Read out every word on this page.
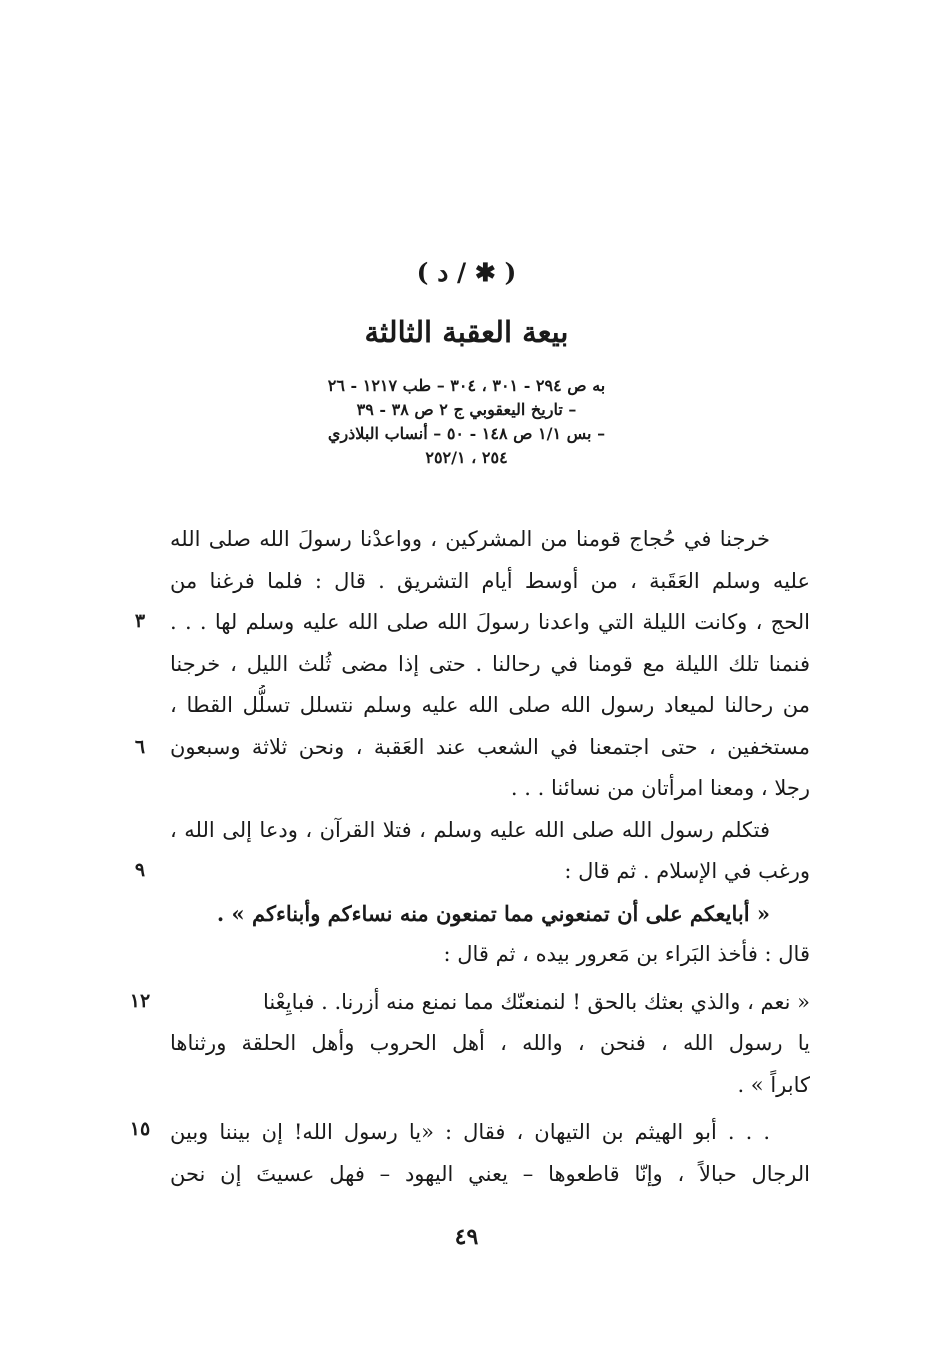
( ✱ / د )
بيعة العقبة الثالثة
به ص ٢٩٤ - ٣٠١ ، ٣٠٤ – طب ١٢١٧ - ٢٦
– تاريخ اليعقوبي ج ٢ ص ٣٨ - ٣٩
– بس ١/١ ص ١٤٨ - ٥٠ – أنساب البلاذري
٢٥٤ ، ٢٥٢/١
خرجنا في حُجاج قومنا من المشركين ، وواعدْنا رسولَ الله صلى الله
عليه وسلم العَقَبة ، من أوسط أيام التشريق . قال : فلما فرغنا من
الحج ، وكانت الليلة التي واعدنا رسولَ الله صلى الله عليه وسلم لها . . .
فنمنا تلك الليلة مع قومنا في رحالنا . حتى إذا مضى ثُلث الليل ، خرجنا
من رحالنا لميعاد رسول الله صلى الله عليه وسلم نتسلل تسلُّل القطا ،
مستخفين ، حتى اجتمعنا في الشعب عند العَقبة ، ونحن ثلاثة وسبعون
رجلا ، ومعنا امرأتان من نسائنا . . .
فتكلم رسول الله صلى الله عليه وسلم ، فتلا القرآن ، ودعا إلى الله ،
ورغب في الإسلام . ثم قال :
« أبايعكم على أن تمنعوني مما تمنعون منه نساءكم وأبناءكم » .
قال : فأخذ البَراء بن مَعرور بيده ، ثم قال :
« نعم ، والذي بعثك بالحق ! لنمنعنّك مما نمنع منه أزرنا. . فبايِعْنا
يا رسول الله ، فنحن ، والله ، أهل الحروب وأهل الحلقة ورثناها
كابراً » .
. . . أبو الهيثم بن التيهان ، فقال : «يا رسول الله! إن بيننا وبين
الرجال حبالاً ، وإنّا قاطعوها – يعني اليهود – فهل عسيتَ إن نحن
٣
٦
٩
١٢
١٥
٤٩
